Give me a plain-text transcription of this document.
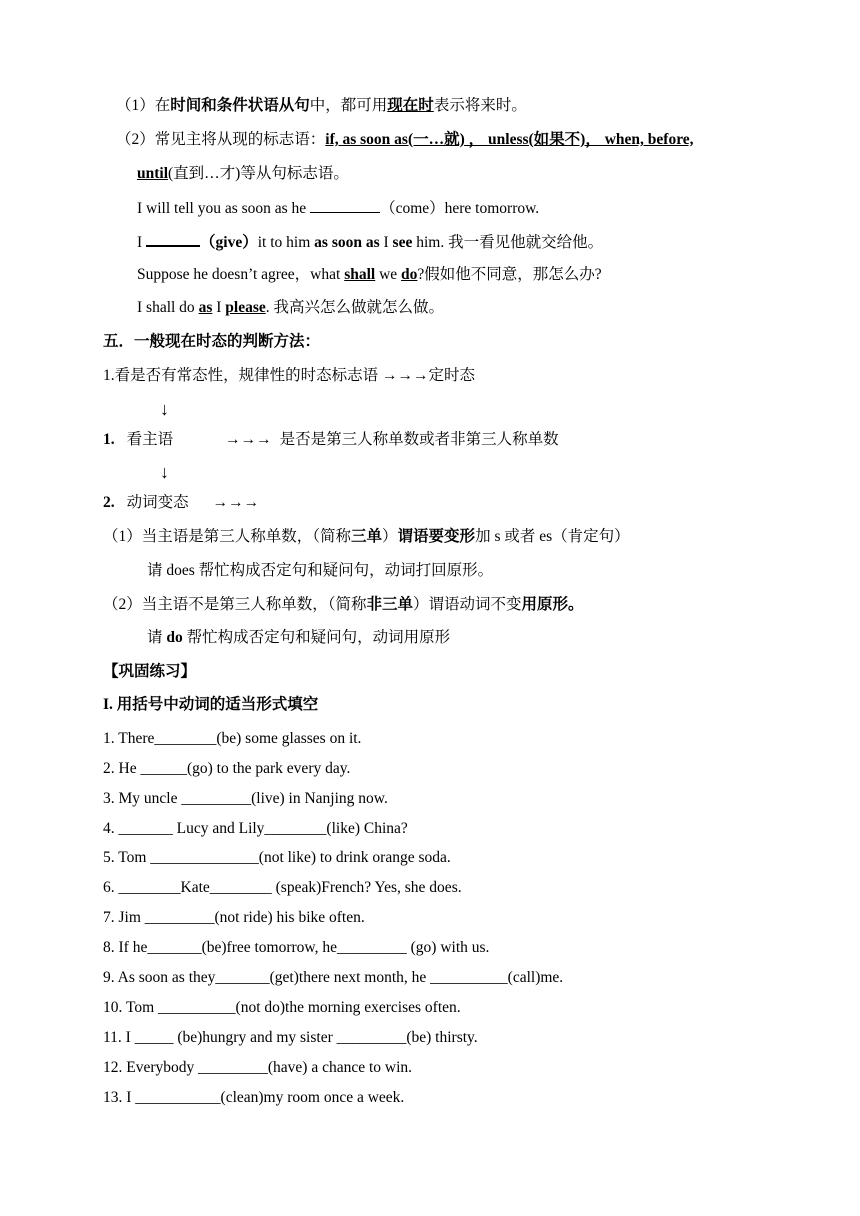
（1）在时间和条件状语从句中，都可用现在时表示将来时。
（2）常见主将从现的标志语：if, as soon as(一…就) ， unless(如果不)， when, before,
until(直到…才)等从句标志语。
I will tell you as soon as he	（come）here tomorrow.
I	（give）it to him as soon as I see him. 我一看见他就交给他。
Suppose he doesn’t agree，what shall we do?假如他不同意，那怎么办?
I shall do as I please. 我高兴怎么做就怎么做。
五．一般现在时态的判断方法：
1.看是否有常态性，规律性的时态标志语 →→→定时态
↓
1. 看主语	→→→ 是否是第三人称单数或者非第三人称单数
↓
2. 动词变态 →→→
（1）当主语是第三人称单数，（简称三单）谓语要变形加 s 或者 es（肯定句）
请 does 帮忙构成否定句和疑问句，动词打回原形。
（2）当主语不是第三人称单数，（简称非三单）谓语动词不变用原形。
请 do 帮忙构成否定句和疑问句，动词用原形
【巩固练习】
I. 用括号中动词的适当形式填空
1. There________(be) some glasses on it.
2. He ______(go) to the park every day.
3. My uncle _________(live) in Nanjing now.
4. _______ Lucy and Lily________(like) China?
5. Tom ______________(not like) to drink orange soda.
6. ________Kate________ (speak)French? Yes, she does.
7. Jim _________(not ride) his bike often.
8. If he_______(be)free tomorrow, he_________ (go) with us.
9. As soon as they_______(get)there next month, he __________(call)me.
10. Tom __________(not do)the morning exercises often.
11. I _____ (be)hungry and my sister _________(be) thirsty.
12. Everybody _________(have) a chance to win.
13. I ___________(clean)my room once a week.
